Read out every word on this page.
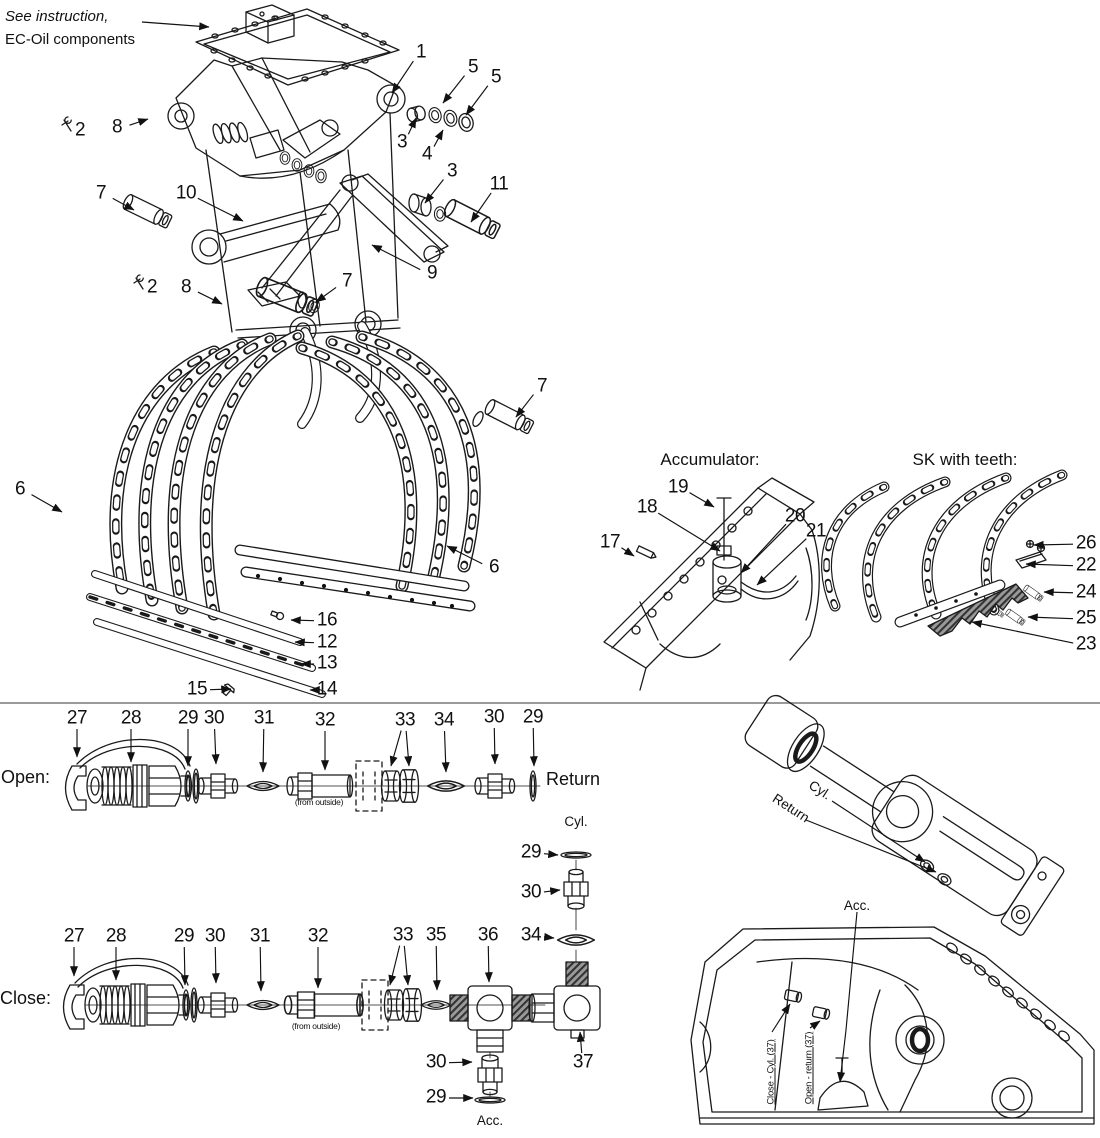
See instruction,
EC-Oil components
Accumulator:	SK with teeth:
Open:
Close:
Return
(from outside)
(from outside)
Cyl.
Acc.
Cyl.
Return
Acc.
Close - Cyl. (37)	Open - return (37)
1
5 5
3
4
2 8
7	10
3
11
9
2 8	7
7
6
6
16
12
13
15	14
19
18
17
20
21
26
22
24
25
23
27 28 29 30 31 32	33 34 30 29
29
30
34
27 28	29 30 31 32	33 35 36
37
30
29
